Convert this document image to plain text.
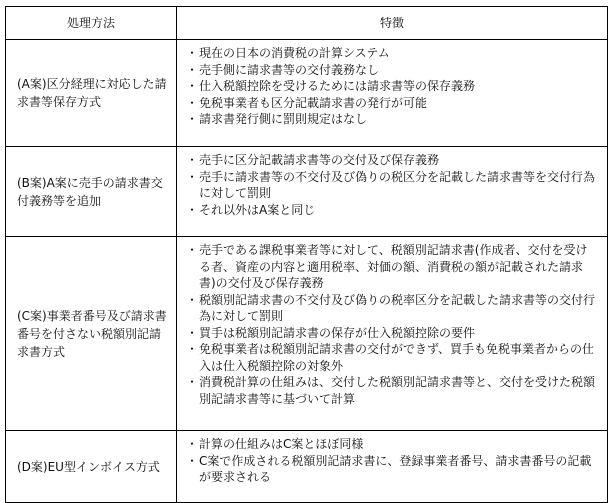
処理方法	特徴
(A案)区分経理に対応した請求書等保存方式
・ 現在の日本の消費税の計算システム
・ 売手側に請求書等の交付義務なし
・ 仕入税額控除を受けるためには請求書等の保存義務
・ 免税事業者も区分記載請求書の発行が可能
・ 請求書発行側に罰則規定はなし
(B案)A案に売手の請求書交付義務等を追加
・ 売手に区分記載請求書等の交付及び保存義務
・ 売手に請求書等の不交付及び偽りの税区分を記載した請求書等を交付行為に対して罰則
・ それ以外はA案と同じ
(C案)事業者番号及び請求書番号を付さない税額別記請求書方式
・ 売手である課税事業者等に対して、税額別記請求書(作成者、交付を受ける者、資産の内容と適用税率、対価の額、消費税の額が記載された請求書)の交付及び保存義務
・ 税額別記請求書の不交付及び偽りの税率区分を記載した請求書等の交付行為に対して罰則
・ 買手は税額別記請求書の保存が仕入税額控除の要件
・ 免税事業者は税額別記請求書の交付ができず、買手も免税事業者からの仕入は仕入税額控除の対象外
・ 消費税計算の仕組みは、交付した税額別記請求書等と、交付を受けた税額別記請求書等に基づいて計算
(D案)EU型インボイス方式
・ 計算の仕組みはC案とほぼ同様
・ C案で作成される税額別記請求書に、登録事業者番号、請求書番号の記載が要求される
